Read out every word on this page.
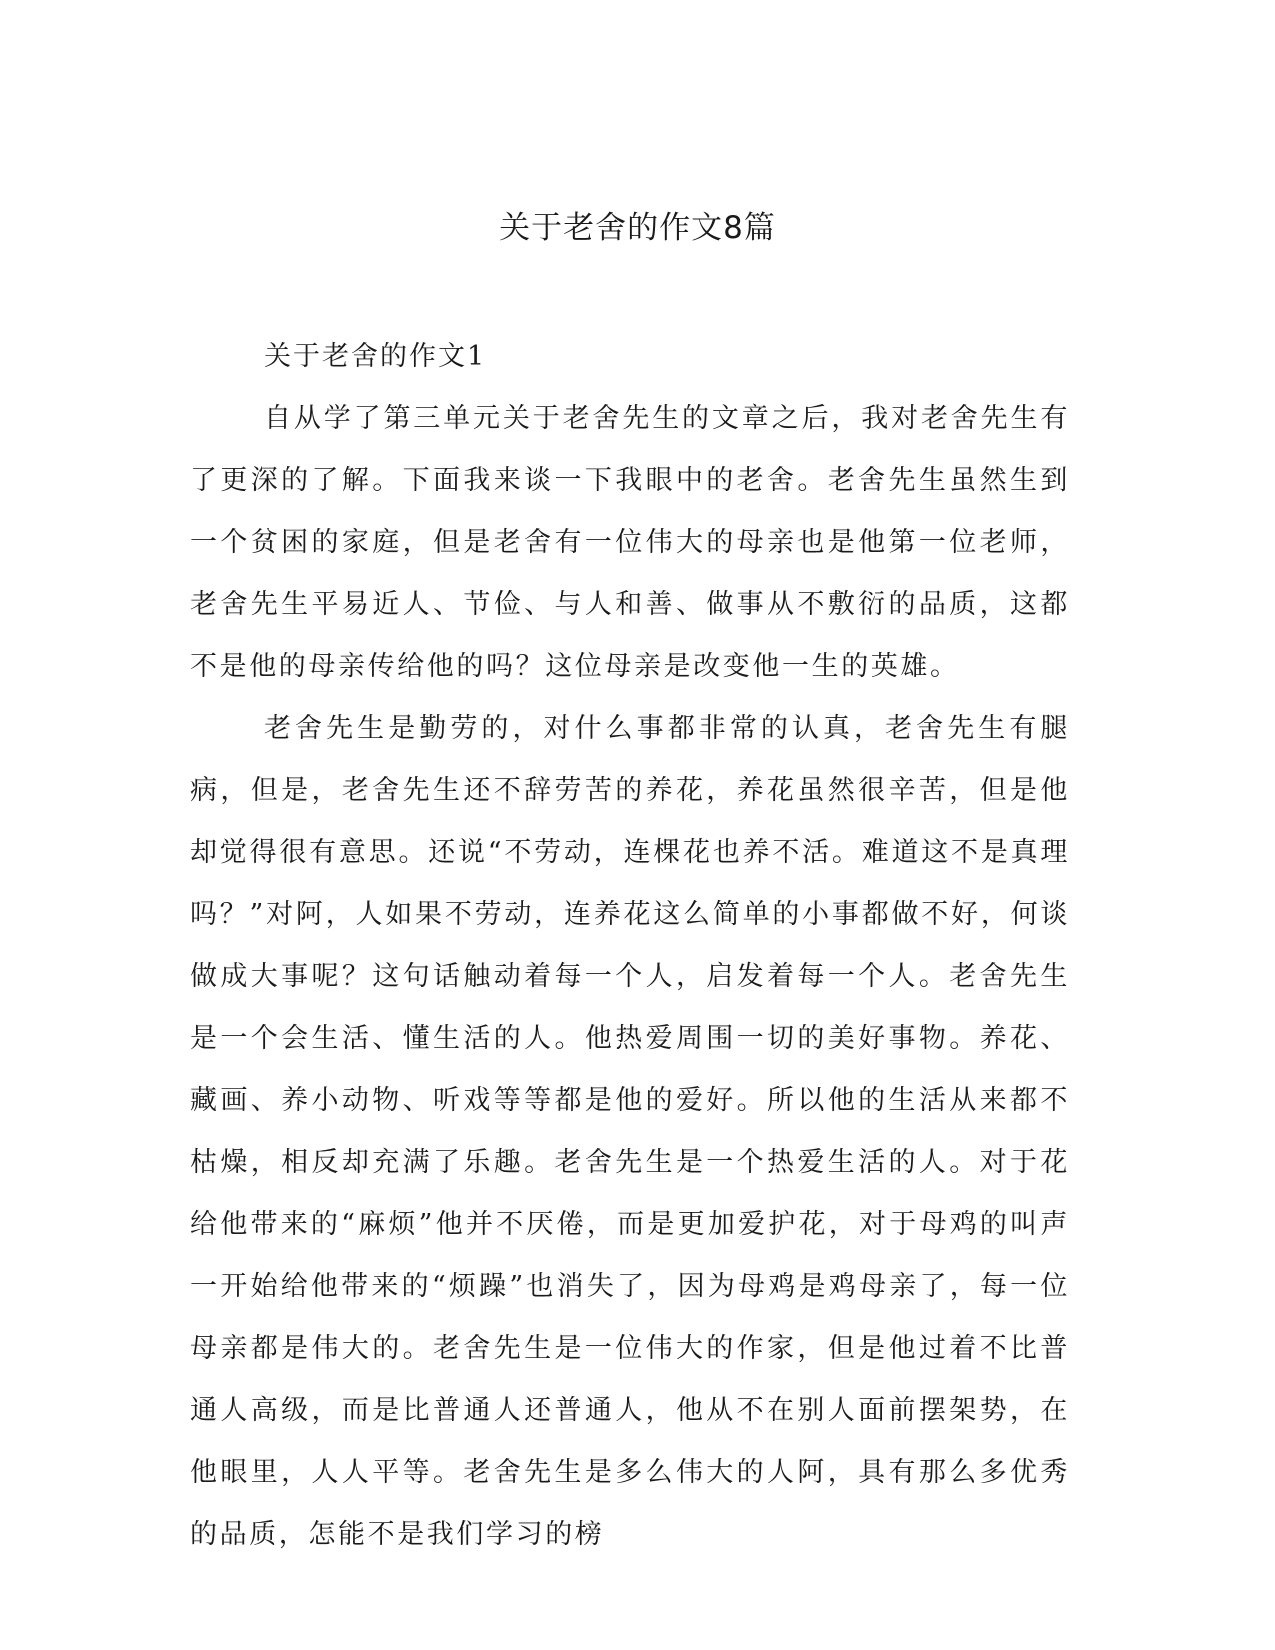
关于老舍的作文8篇
关于老舍的作文1

自从学了第三单元关于老舍先生的文章之后，我对老舍先生有了更深的了解。下面我来谈一下我眼中的老舍。老舍先生虽然生到一个贫困的家庭，但是老舍有一位伟大的母亲也是他第一位老师，老舍先生平易近人、节俭、与人和善、做事从不敷衍的品质，这都不是他的母亲传给他的吗？这位母亲是改变他一生的英雄。

老舍先生是勤劳的，对什么事都非常的认真，老舍先生有腿病，但是，老舍先生还不辞劳苦的养花，养花虽然很辛苦，但是他却觉得很有意思。还说“不劳动，连棵花也养不活。难道这不是真理吗？”对阿，人如果不劳动，连养花这么简单的小事都做不好，何谈做成大事呢？这句话触动着每一个人，启发着每一个人。老舍先生是一个会生活、懂生活的人。他热爱周围一切的美好事物。养花、藏画、养小动物、听戏等等都是他的爱好。所以他的生活从来都不枯燥，相反却充满了乐趣。老舍先生是一个热爱生活的人。对于花给他带来的“麻烦”他并不厌倦，而是更加爱护花，对于母鸡的叫声一开始给他带来的“烦躁”也消失了，因为母鸡是鸡母亲了，每一位母亲都是伟大的。老舍先生是一位伟大的作家，但是他过着不比普通人高级，而是比普通人还普通人，他从不在别人面前摆架势，在他眼里，人人平等。老舍先生是多么伟大的人阿，具有那么多优秀的品质，怎能不是我们学习的榜
